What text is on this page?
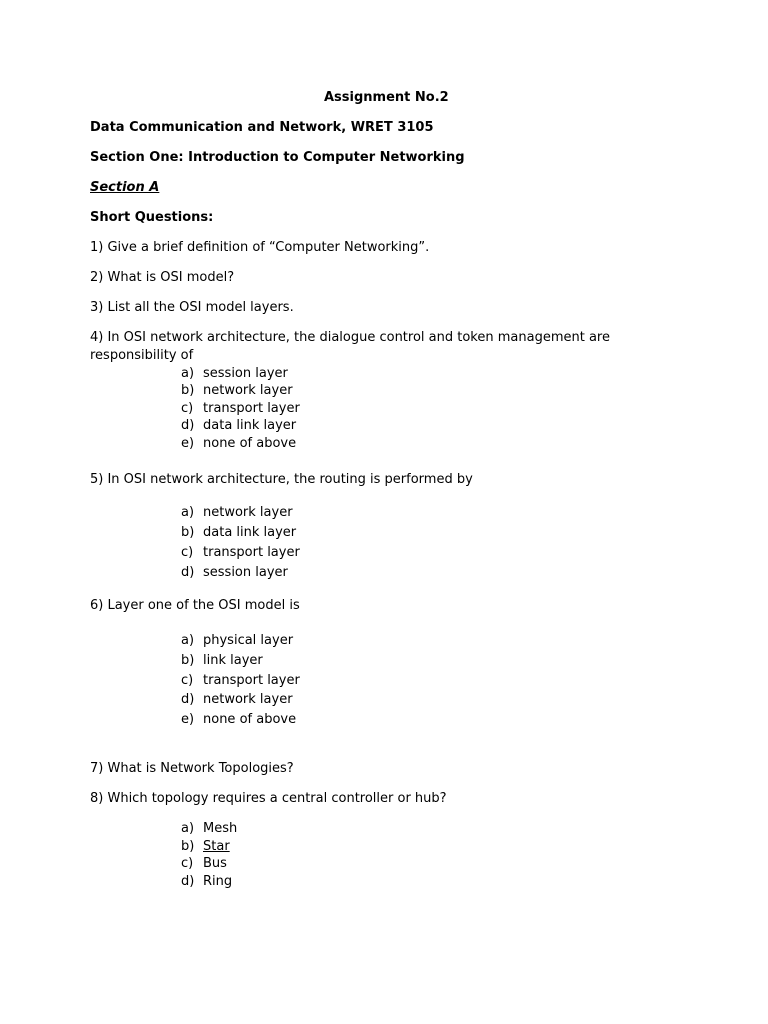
Assignment No.2
Data Communication and Network, WRET 3105
Section One: Introduction to Computer Networking
Section A
Short Questions:
1) Give a brief definition of “Computer Networking”.
2) What is OSI model?
3) List all the OSI model layers.
4) In OSI network architecture, the dialogue control and token management are responsibility of
a) session layer
b) network layer
c) transport layer
d) data link layer
e) none of above
5) In OSI network architecture, the routing is performed by
a) network layer
b) data link layer
c) transport layer
d) session layer
6) Layer one of the OSI model is
a) physical layer
b) link layer
c) transport layer
d) network layer
e) none of above
7) What is Network Topologies?
8) Which topology requires a central controller or hub?
a) Mesh
b) Star
c) Bus
d) Ring
